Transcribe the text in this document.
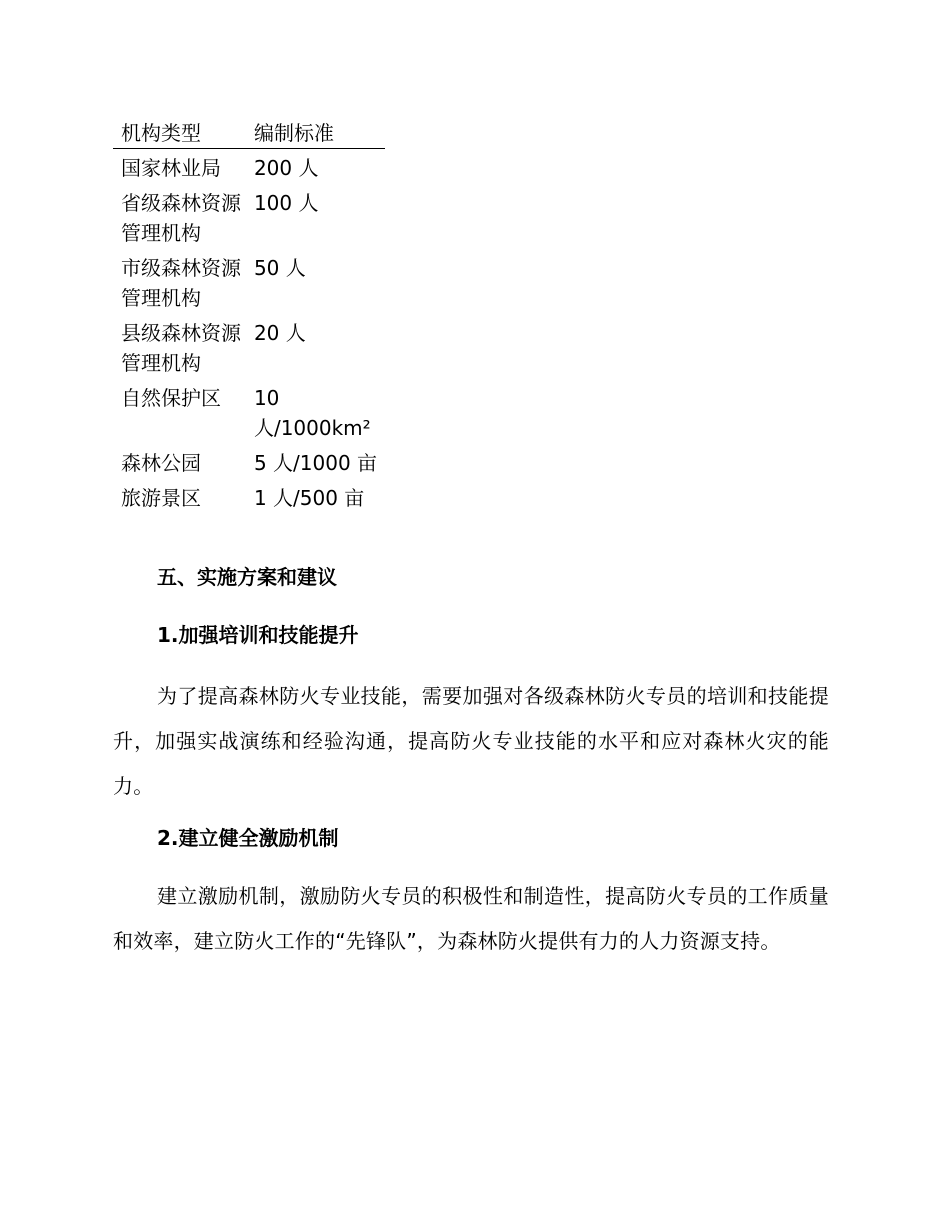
机构类型	编制标准
国家林业局	200 人
省级森林资源管理机构	100 人
市级森林资源管理机构	50 人
县级森林资源管理机构	20 人
自然保护区	10 人/1000km²
森林公园	5 人/1000 亩
旅游景区	1 人/500 亩
五、实施方案和建议
1.加强培训和技能提升

为了提高森林防火专业技能，需要加强对各级森林防火专员的培训和技能提升，加强实战演练和经验沟通，提高防火专业技能的水平和应对森林火灾的能力。

2.建立健全激励机制

建立激励机制，激励防火专员的积极性和制造性，提高防火专员的工作质量和效率，建立防火工作的“先锋队”，为森林防火提供有力的人力资源支持。
